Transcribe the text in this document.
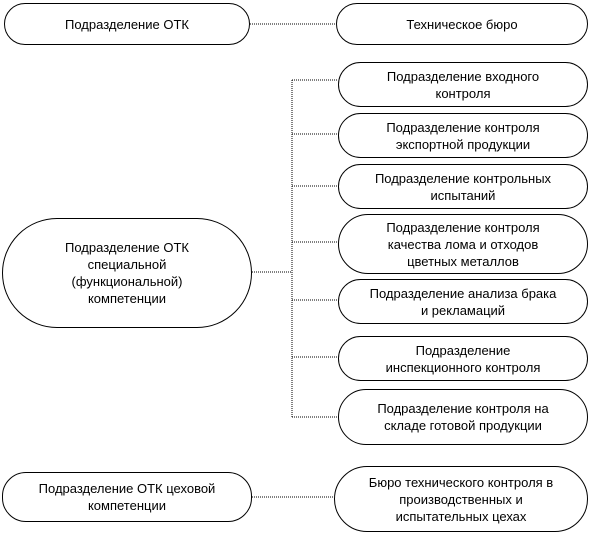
Подразделение ОТК
Подразделение ОТК
специальной
(функциональной)
компетенции
Подразделение ОТК цеховой
компетенции
Техническое бюро
Подразделение входного
контроля
Подразделение контроля
экспортной продукции
Подразделение контрольных
испытаний
Подразделение контроля
качества лома и отходов
цветных металлов
Подразделение анализа брака
и рекламаций
Подразделение
инспекционного контроля
Подразделение контроля на
складе готовой продукции
Бюро технического контроля в
производственных и
испытательных цехах
